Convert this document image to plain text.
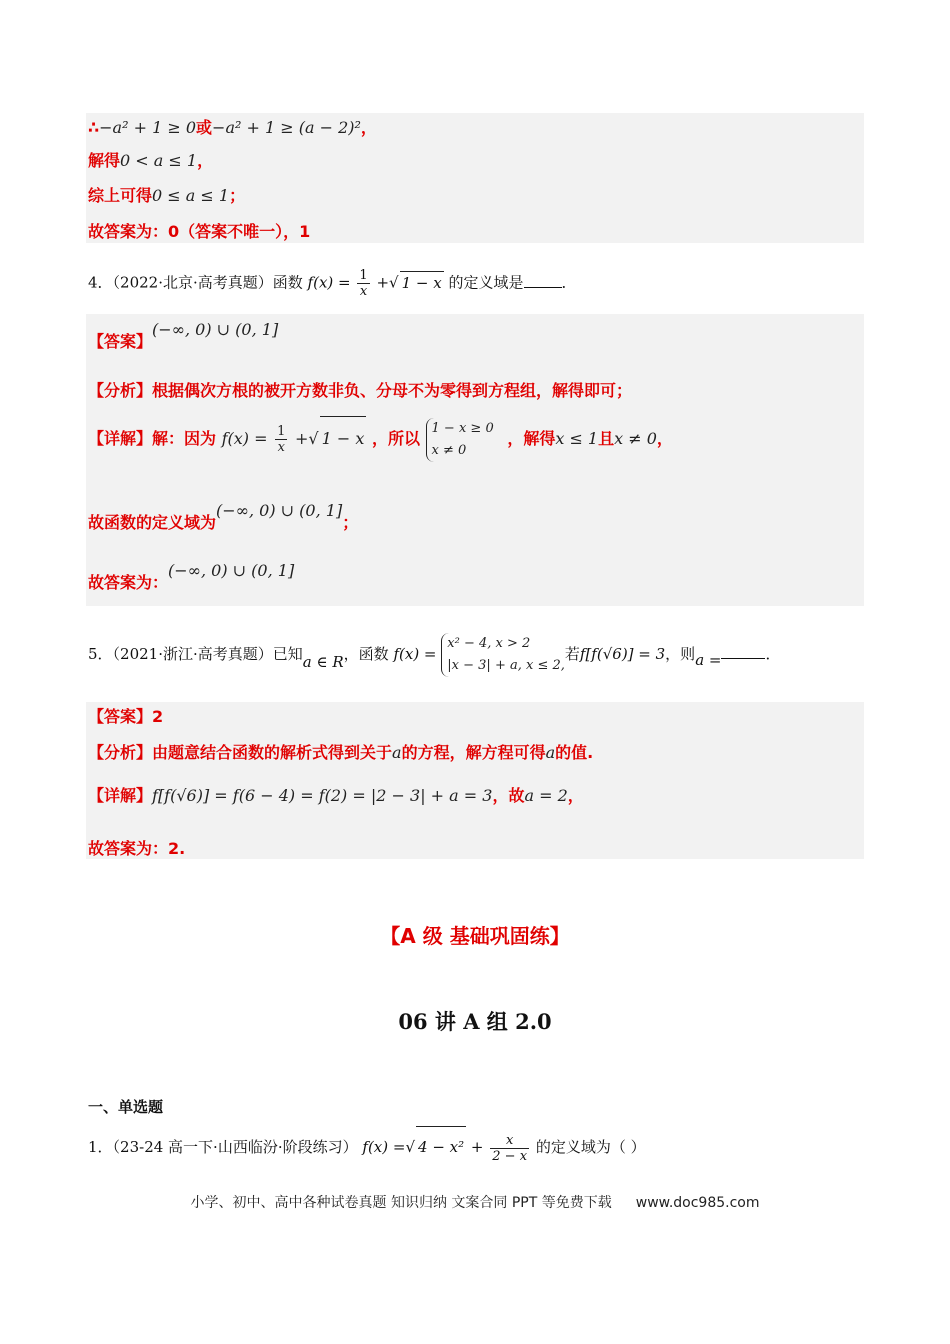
∴−a² + 1 ≥ 0或−a² + 1 ≥ (a − 2)²，
解得0 < a ≤ 1，
综上可得0 ≤ a ≤ 1；
故答案为：0（答案不唯一），1
4．（2022·北京·高考真题）函数 $f(x) = \frac{1}{x}$ +√ 1 − x 的定义域是	．
【答案】(−∞, 0) ∪ (0, 1]
【分析】根据偶次方根的被开方数非负、分母不为零得到方程组，解得即可；
【详解】解：因为 $f(x) = \frac{1}{x}$ +√ 1 − x ，所以
1 − x ≥ 0
x ≠ 0
，解得x ≤ 1且x ≠ 0，
故函数的定义域为(−∞, 0) ∪ (0, 1]；
故答案为：(−∞, 0) ∪ (0, 1]
5．（2021·浙江·高考真题）已知a ∈ R，函数 f(x) =
x² − 4, x > 2
|x − 3| + a, x ≤ 2,
若f[f(√6)] = 3，则a =	．
【答案】2
【分析】由题意结合函数的解析式得到关于a的方程，解方程可得a的值.
【详解】f[f(√6)] = f(6 − 4) = f(2) = |2 − 3| + a = 3，故a = 2，
故答案为：2.
【A 级 基础巩固练】
06 讲 A 组 2.0
一、单选题
1．（23-24 高一下·山西临汾·阶段练习） f(x) =√ $4 - x^2 + \frac{x}{2 - x}$ 的定义域为（ ）
小学、初中、高中各种试卷真题 知识归纳 文案合同 PPT 等免费下载 www.doc985.com
